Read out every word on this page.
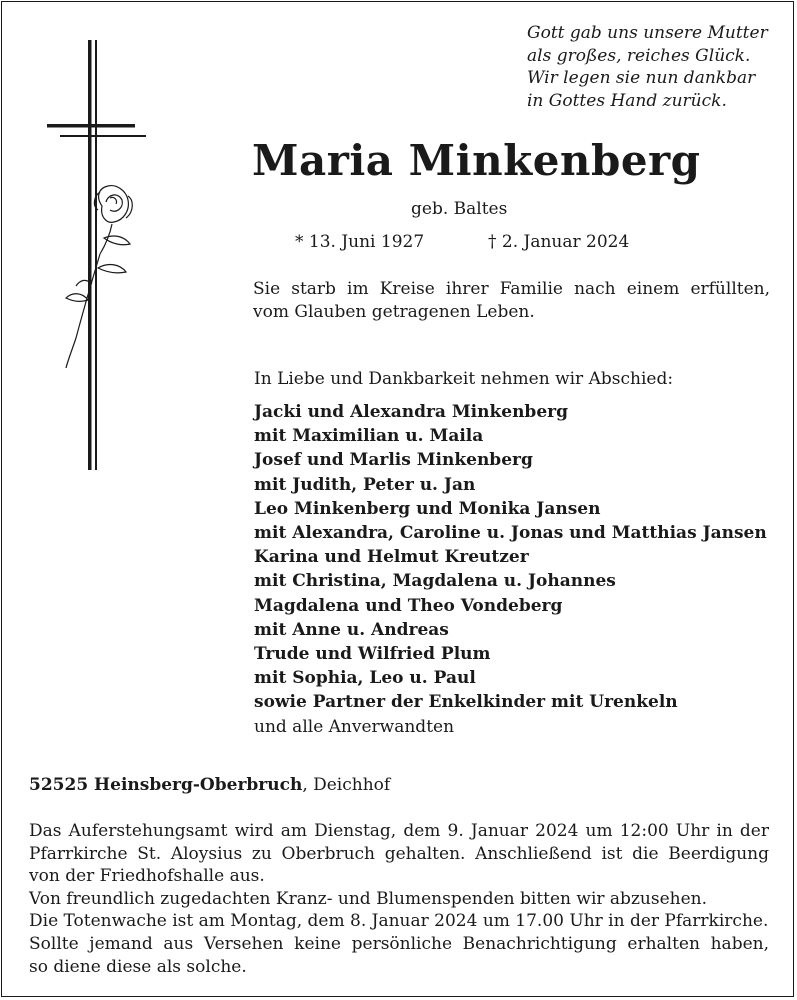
Gott gab uns unsere Mutter
als großes, reiches Glück.
Wir legen sie nun dankbar
in Gottes Hand zurück.
Maria Minkenberg
geb. Baltes
* 13. Juni 1927	† 2. Januar 2024
Sie starb im Kreise ihrer Familie nach einem erfüllten,
vom Glauben getragenen Leben.
In Liebe und Dankbarkeit nehmen wir Abschied:
Jacki und Alexandra Minkenberg
mit Maximilian u. Maila
Josef und Marlis Minkenberg
mit Judith, Peter u. Jan
Leo Minkenberg und Monika Jansen
mit Alexandra, Caroline u. Jonas und Matthias Jansen
Karina und Helmut Kreutzer
mit Christina, Magdalena u. Johannes
Magdalena und Theo Vondeberg
mit Anne u. Andreas
Trude und Wilfried Plum
mit Sophia, Leo u. Paul
sowie Partner der Enkelkinder mit Urenkeln
und alle Anverwandten
52525 Heinsberg-Oberbruch, Deichhof
Das Auferstehungsamt wird am Dienstag, dem 9. Januar 2024 um 12:00 Uhr in der
Pfarrkirche St. Aloysius zu Oberbruch gehalten. Anschließend ist die Beerdigung
von der Friedhofshalle aus.
Von freundlich zugedachten Kranz- und Blumenspenden bitten wir abzusehen.
Die Totenwache ist am Montag, dem 8. Januar 2024 um 17.00 Uhr in der Pfarrkirche.
Sollte jemand aus Versehen keine persönliche Benachrichtigung erhalten haben,
so diene diese als solche.
